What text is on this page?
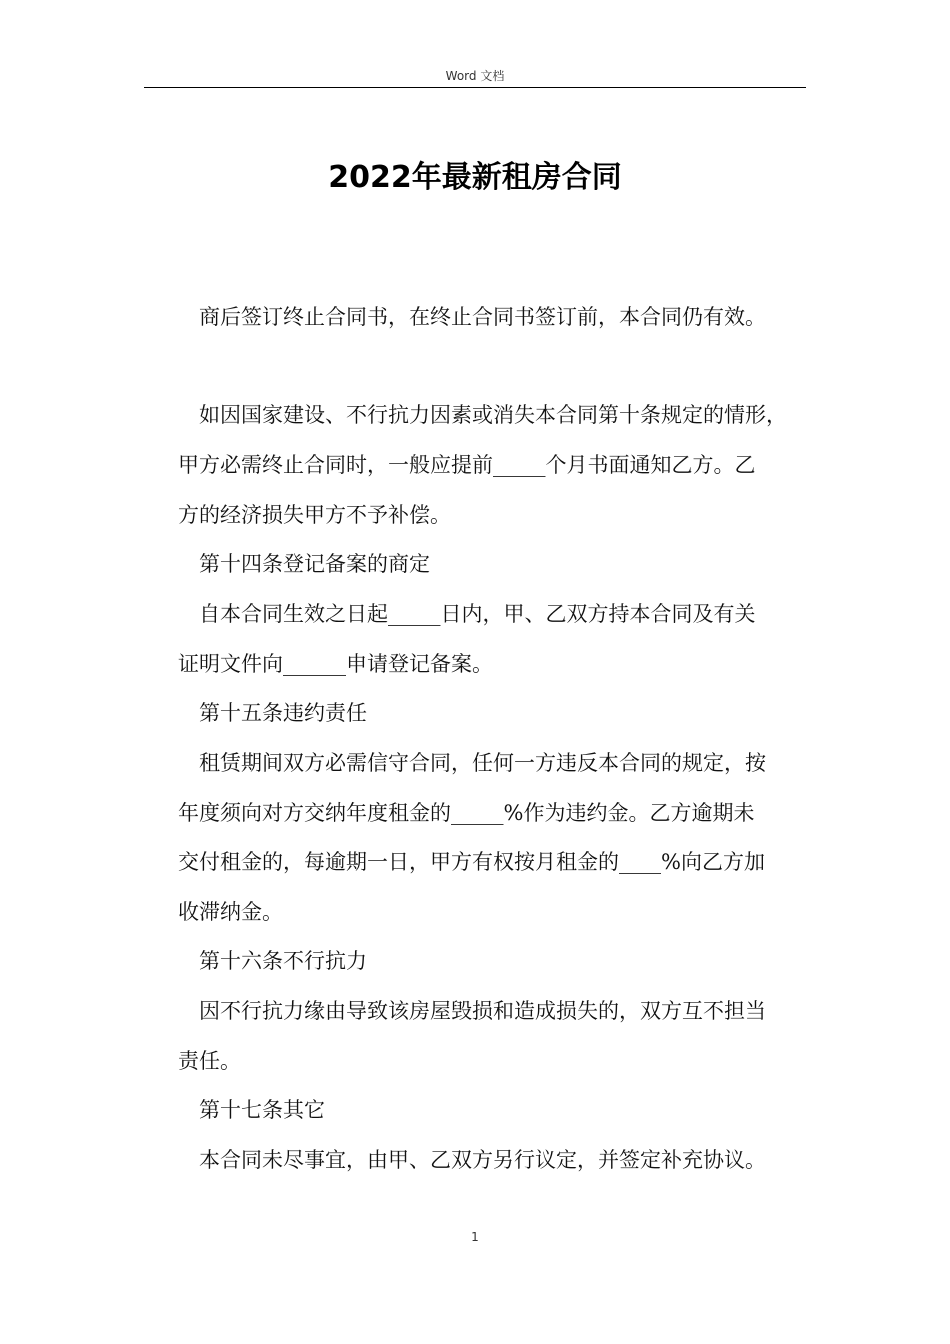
Word 文档
2022年最新租房合同
商后签订终止合同书，在终止合同书签订前，本合同仍有效。
如因国家建设、不行抗力因素或消失本合同第十条规定的情形，
甲方必需终止合同时，一般应提前_____个月书面通知乙方。乙
方的经济损失甲方不予补偿。
第十四条登记备案的商定
自本合同生效之日起_____日内，甲、乙双方持本合同及有关
证明文件向______申请登记备案。
第十五条违约责任
租赁期间双方必需信守合同，任何一方违反本合同的规定，按
年度须向对方交纳年度租金的_____%作为违约金。乙方逾期未
交付租金的，每逾期一日，甲方有权按月租金的____%向乙方加
收滞纳金。
第十六条不行抗力
因不行抗力缘由导致该房屋毁损和造成损失的，双方互不担当
责任。
第十七条其它
本合同未尽事宜，由甲、乙双方另行议定，并签定补充协议。
1
